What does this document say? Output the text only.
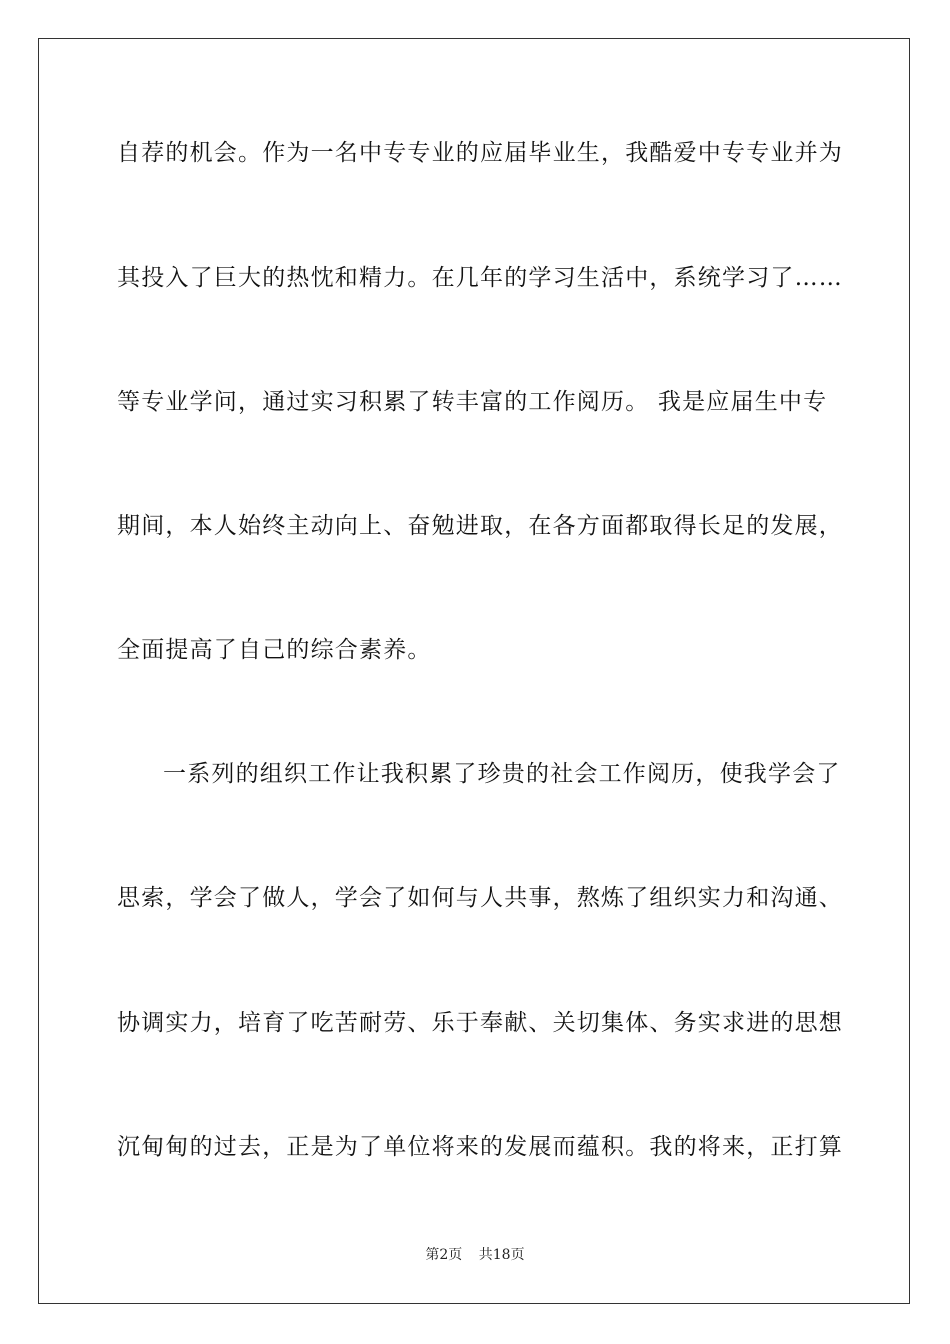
自荐的机会。作为一名中专专业的应届毕业生，我酷爱中专专业并为
其投入了巨大的热忱和精力。在几年的学习生活中，系统学习了……
等专业学问，通过实习积累了转丰富的工作阅历。 我是应届生中专
期间，本人始终主动向上、奋勉进取，在各方面都取得长足的发展，
全面提高了自己的综合素养。
一系列的组织工作让我积累了珍贵的社会工作阅历，使我学会了
思索，学会了做人，学会了如何与人共事，熬炼了组织实力和沟通、
协调实力，培育了吃苦耐劳、乐于奉献、关切集体、务实求进的思想
沉甸甸的过去，正是为了单位将来的发展而蕴积。我的将来，正打算
第2页 共18页
